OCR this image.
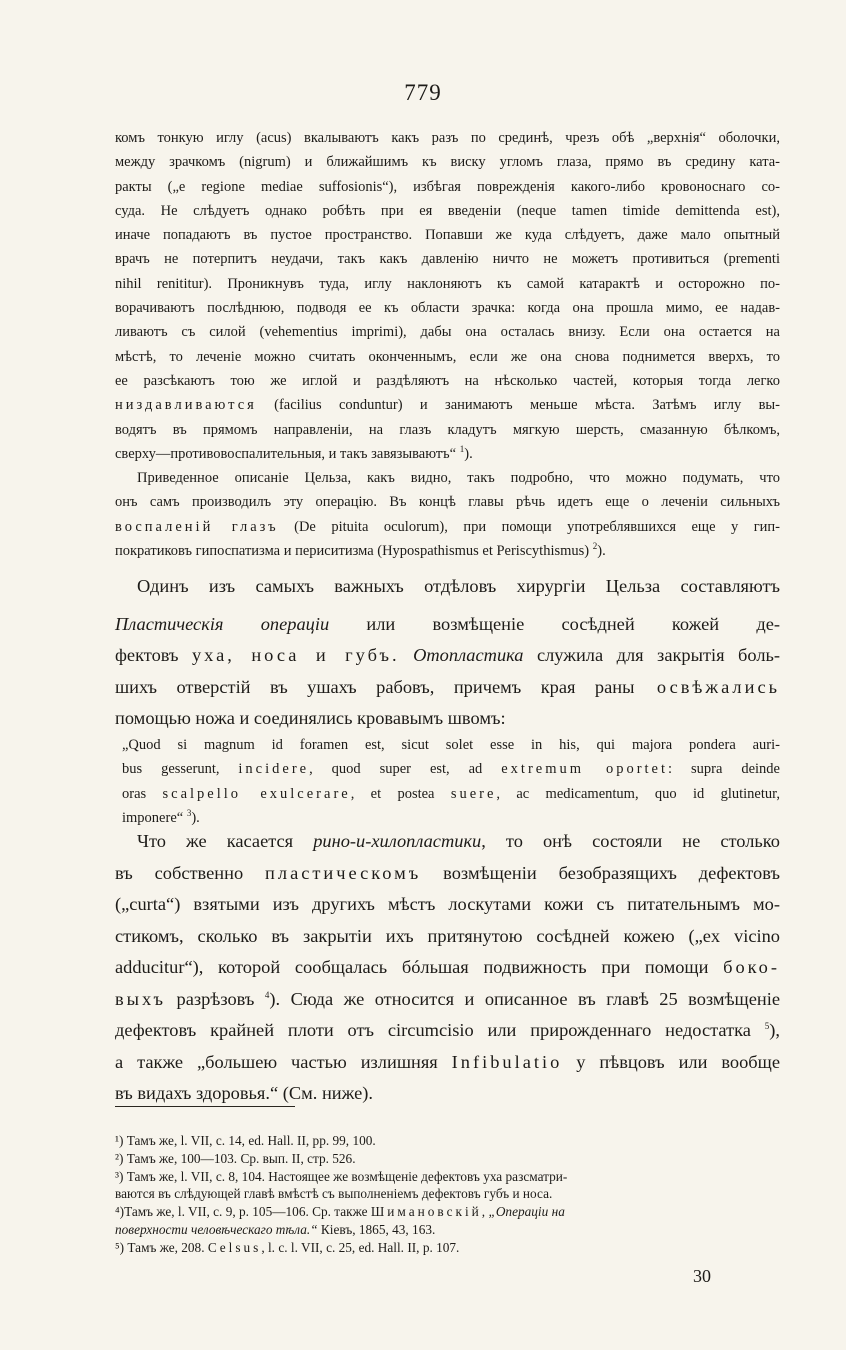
779

комъ тонкую иглу (acus) вкалываютъ какъ разъ по срединѣ, чрезъ обѣ „верхнія“ оболочки,

между зрачкомъ (nigrum) и ближайшимъ къ виску угломъ глаза, прямо въ средину ката-

ракты („e regione mediae suffosionis“), избѣгая поврежденія какого-либо кровоноснаго со-

суда. Не слѣдуетъ однако робѣть при ея введеніи (neque tamen timide demittenda est),

иначе попадаютъ въ пустое пространство. Попавши же куда слѣдуетъ, даже мало опытный

врачъ не потерпитъ неудачи, такъ какъ давленію ничто не можетъ противиться (prementi

nihil renititur). Проникнувъ туда, иглу наклоняютъ къ самой катарактѣ и осторожно по-

ворачиваютъ послѣднюю, подводя ее къ области зрачка: когда она прошла мимо, ее надав-

ливаютъ съ силой (vehementius imprimi), дабы она осталась внизу. Если она остается на

мѣстѣ, то леченіе можно считать оконченнымъ, если же она снова поднимется вверхъ, то

ее разсѣкаютъ тою же иглой и раздѣляютъ на нѣсколько частей, которыя тогда легко

низдавливаются (facilius conduntur) и занимаютъ меньше мѣста. Затѣмъ иглу вы-

водятъ въ прямомъ направленіи, на глазъ кладутъ мягкую шерсть, смазанную бѣлкомъ,

сверху—противовоспалительныя, и такъ завязываютъ“ $^1$).

Приведенное описаніе Цельза, какъ видно, такъ подробно, что можно подумать, что

онъ самъ производилъ эту операцію. Въ концѣ главы рѣчь идетъ еще о леченіи сильныхъ

воспаленій глазъ (De pituita oculorum), при помощи употреблявшихся еще у гип-

пократиковъ гипоспатизма и периситизма (Hypospathismus et Periscythismus) $^2$).

Одинъ изъ самыхъ важныхъ отдѣловъ хирургіи Цельза составляютъ

Пластическія операціи или возмѣщеніе сосѣдней кожей де-

фектовъ уха, носа и губъ. Отопластика служила для закрытія боль-

шихъ отверстій въ ушахъ рабовъ, причемъ края раны освѣжались

помощью ножа и соединялись кровавымъ швомъ:

„Quod si magnum id foramen est, sicut solet esse in his, qui majora pondera auri-

bus gesserunt, incidere, quod super est, ad extremum oportet: supra deinde

oras scalpello exulcerare, et postea suere, ac medicamentum, quo id glutinetur,

imponere“ $^3$).

Что же касается рино-и-хилопластики, то онѣ состояли не столько

въ собственно пластическомъ возмѣщеніи безобразящихъ дефектовъ

(„curta“) взятыми изъ другихъ мѣстъ лоскутами кожи съ питательнымъ мо-

стикомъ, сколько въ закрытіи ихъ притянутою сосѣдней кожею („ex vicino

adducitur“), которой сообщалась бóльшая подвижность при помощи боко-

выхъ разрѣзовъ $^4$). Сюда же относится и описанное въ главѣ 25 возмѣщеніе

дефектовъ крайней плоти отъ circumcisio или прирожденнаго недостатка $^5$),

а также „большею частью излишняя Infibulatio у пѣвцовъ или вообще

въ видахъ здоровья.“ (См. ниже).

¹) Тамъ же, l. VII, c. 14, ed. Hall. II, pp. 99, 100.

²) Тамъ же, 100—103. Ср. вып. II, стр. 526.

³) Тамъ же, l. VII, c. 8, 104. Настоящее же возмѣщеніе дефектовъ уха разсматри-

ваются въ слѣдующей главѣ вмѣстѣ съ выполненіемъ дефектовъ губъ и носа.

⁴)Тамъ же, l. VII, c. 9, p. 105—106. Ср. также Шимановскій, „Операціи на

поверхности человѣческаго тѣла.“ Кіевъ, 1865, 43, 163.

⁵) Тамъ же, 208. Celsus, l. c. l. VII, c. 25, ed. Hall. II, p. 107.

30
